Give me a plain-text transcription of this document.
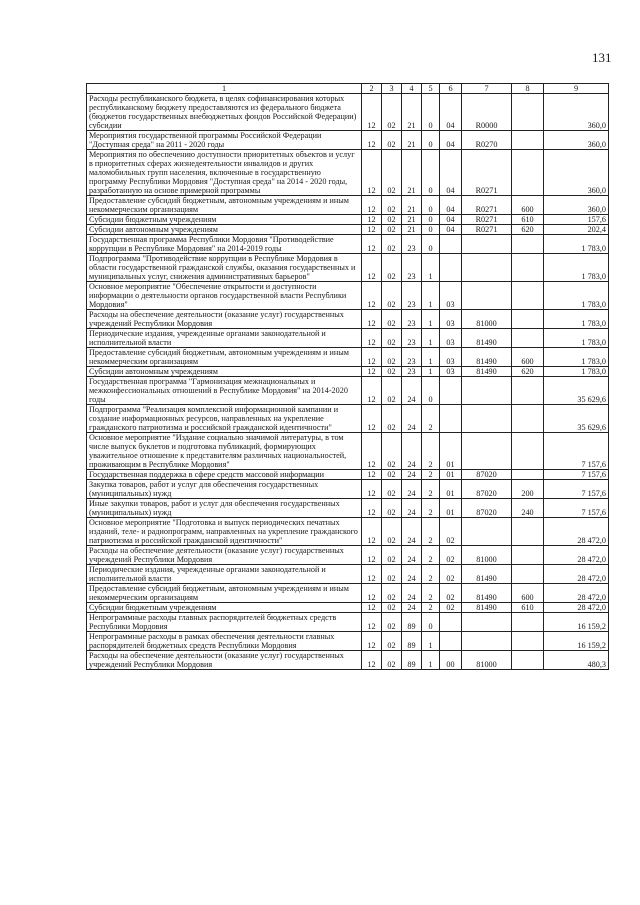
131
1	2	3	4	5	6	7	8	9
Расходы республиканского бюджета, в целях софинансирования которых республиканскому бюджету предоставляются из федерального бюджета (бюджетов государственных внебюджетных фондов Российской Федерации) субсидии	12	02	21	0	04	R0000		360,0
Мероприятия государственной программы Российской Федерации "Доступная среда" на 2011 - 2020 годы	12	02	21	0	04	R0270		360,0
Мероприятия по обеспечению доступности приоритетных объектов и услуг в приоритетных сферах жизнедеятельности инвалидов и других маломобильных групп населения, включенные в государственную программу Республики Мордовия "Доступная среда" на 2014 - 2020 годы, разработанную на основе примерной программы	12	02	21	0	04	R0271		360,0
Предоставление субсидий бюджетным, автономным учреждениям и иным некоммерческим организациям	12	02	21	0	04	R0271	600	360,0
Субсидии бюджетным учреждениям	12	02	21	0	04	R0271	610	157,6
Субсидии автономным учреждениям	12	02	21	0	04	R0271	620	202,4
Государственная программа Республики Мордовия "Противодействие коррупции в Республике Мордовия" на 2014-2019 годы	12	02	23	0				1 783,0
Подпрограмма "Противодействие коррупции в Республике Мордовия в области государственной гражданской службы, оказания государственных и муниципальных услуг, снижения административных барьеров"	12	02	23	1				1 783,0
Основное мероприятие "Обеспечение открытости и доступности информации о деятельности органов государственной власти Республики Мордовия"	12	02	23	1	03			1 783,0
Расходы на обеспечение деятельности (оказание услуг) государственных учреждений Республики Мордовия	12	02	23	1	03	81000		1 783,0
Периодические издания, учрежденные органами законодательной и исполнительной власти	12	02	23	1	03	81490		1 783,0
Предоставление субсидий бюджетным, автономным учреждениям и иным некоммерческим организациям	12	02	23	1	03	81490	600	1 783,0
Субсидии автономным учреждениям	12	02	23	1	03	81490	620	1 783,0
Государственная программа "Гармонизация межнациональных и межконфессиональных отношений в Республике Мордовия" на 2014-2020 годы	12	02	24	0				35 629,6
Подпрограмма "Реализация комплексной информационной кампании и создание информационных ресурсов, направленных на укрепление гражданского патриотизма и российской гражданской идентичности"	12	02	24	2				35 629,6
Основное мероприятие "Издание социально значимой литературы, в том числе выпуск буклетов и подготовка публикаций, формирующих уважительное отношение к представителям различных национальностей, проживающим в Республике Мордовия"	12	02	24	2	01			7 157,6
Государственная поддержка в сфере средств массовой информации	12	02	24	2	01	87020		7 157,6
Закупка товаров, работ и услуг для обеспечения государственных (муниципальных) нужд	12	02	24	2	01	87020	200	7 157,6
Иные закупки товаров, работ и услуг для обеспечения государственных (муниципальных) нужд	12	02	24	2	01	87020	240	7 157,6
Основное мероприятие "Подготовка и выпуск периодических печатных изданий, теле- и радиопрограмм, направленных на укрепление гражданского патриотизма и российской гражданской идентичности"	12	02	24	2	02			28 472,0
Расходы на обеспечение деятельности (оказание услуг) государственных учреждений Республики Мордовия	12	02	24	2	02	81000		28 472,0
Периодические издания, учрежденные органами законодательной и исполнительной власти	12	02	24	2	02	81490		28 472,0
Предоставление субсидий бюджетным, автономным учреждениям и иным некоммерческим организациям	12	02	24	2	02	81490	600	28 472,0
Субсидии бюджетным учреждениям	12	02	24	2	02	81490	610	28 472,0
Непрограммные расходы главных распорядителей бюджетных средств Республики Мордовия	12	02	89	0				16 159,2
Непрограммные расходы в рамках обеспечения деятельности главных распорядителей бюджетных средств Республики Мордовия	12	02	89	1				16 159,2
Расходы на обеспечение деятельности (оказание услуг) государственных учреждений Республики Мордовия	12	02	89	1	00	81000		480,3
